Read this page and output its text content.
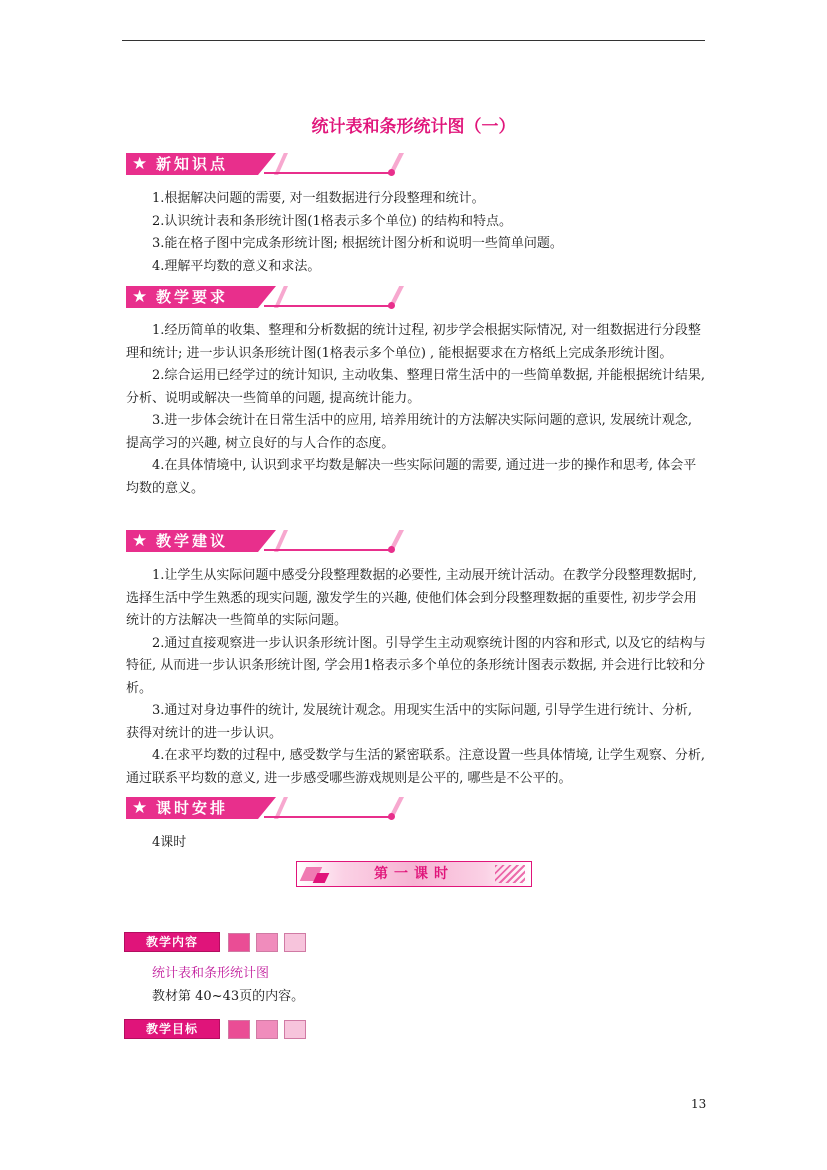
统计表和条形统计图（一）
★ 新知识点
1.根据解决问题的需要, 对一组数据进行分段整理和统计。
2.认识统计表和条形统计图(1格表示多个单位) 的结构和特点。
3.能在格子图中完成条形统计图; 根据统计图分析和说明一些简单问题。
4.理解平均数的意义和求法。
★ 教学要求
1.经历简单的收集、整理和分析数据的统计过程, 初步学会根据实际情况, 对一组数据进行分段整理和统计; 进一步认识条形统计图(1格表示多个单位) , 能根据要求在方格纸上完成条形统计图。
2.综合运用已经学过的统计知识, 主动收集、整理日常生活中的一些简单数据, 并能根据统计结果, 分析、说明或解决一些简单的问题, 提高统计能力。
3.进一步体会统计在日常生活中的应用, 培养用统计的方法解决实际问题的意识, 发展统计观念, 提高学习的兴趣, 树立良好的与人合作的态度。
4.在具体情境中, 认识到求平均数是解决一些实际问题的需要, 通过进一步的操作和思考, 体会平均数的意义。
★ 教学建议
1.让学生从实际问题中感受分段整理数据的必要性, 主动展开统计活动。在教学分段整理数据时, 选择生活中学生熟悉的现实问题, 激发学生的兴趣, 使他们体会到分段整理数据的重要性, 初步学会用统计的方法解决一些简单的实际问题。
2.通过直接观察进一步认识条形统计图。引导学生主动观察统计图的内容和形式, 以及它的结构与特征, 从而进一步认识条形统计图, 学会用1格表示多个单位的条形统计图表示数据, 并会进行比较和分析。
3.通过对身边事件的统计, 发展统计观念。用现实生活中的实际问题, 引导学生进行统计、分析, 获得对统计的进一步认识。
4.在求平均数的过程中, 感受数学与生活的紧密联系。注意设置一些具体情境, 让学生观察、分析, 通过联系平均数的意义, 进一步感受哪些游戏规则是公平的, 哪些是不公平的。
★ 课时安排
4课时
第一课时
教学内容
统计表和条形统计图
教材第 40~43页的内容。
教学目标
13
